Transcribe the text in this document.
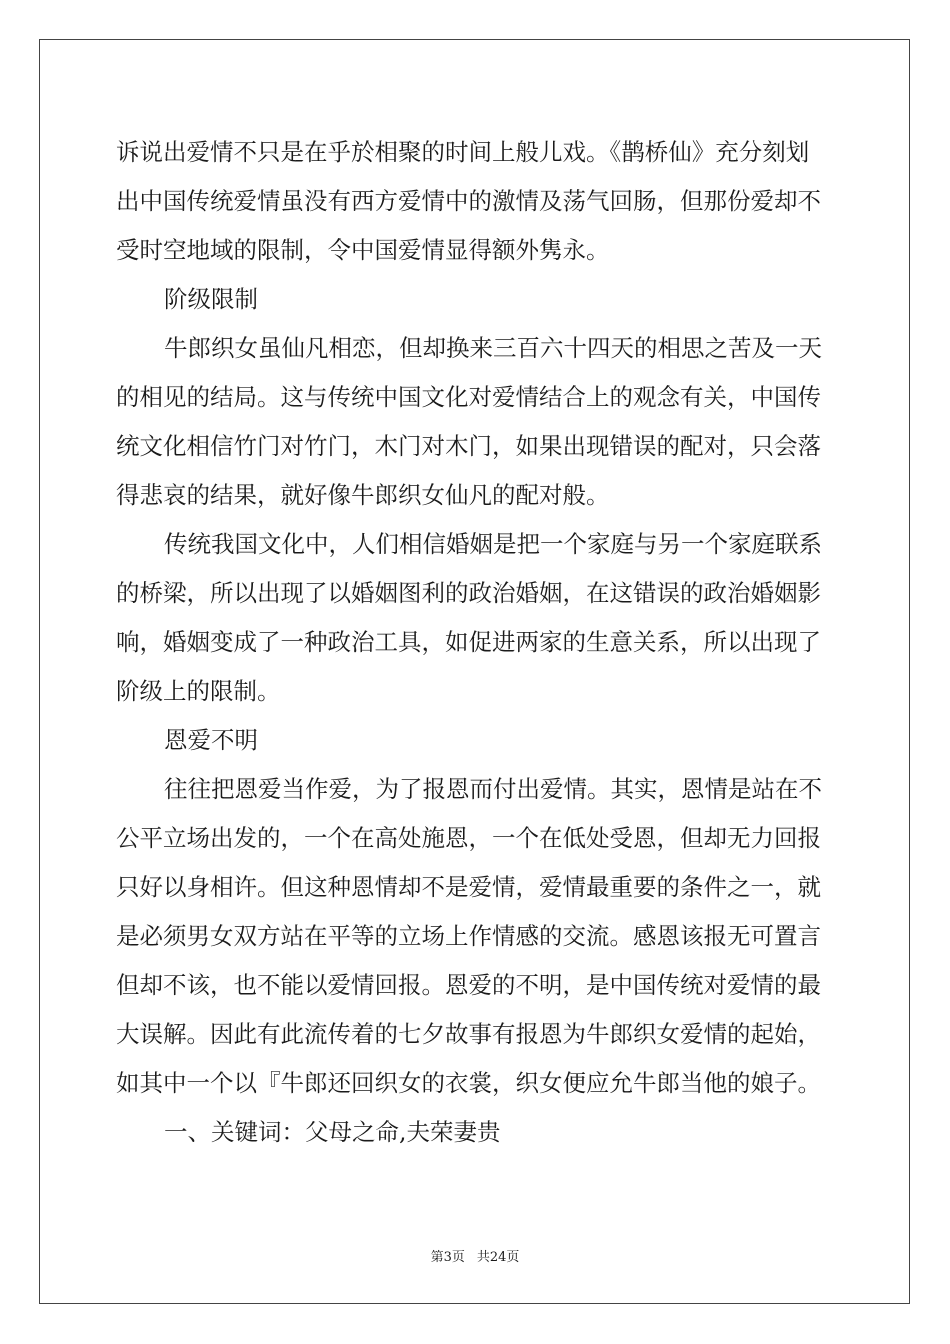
诉说出爱情不只是在乎於相聚的时间上般儿戏。《鹊桥仙》充分刻划
出中国传统爱情虽没有西方爱情中的激情及荡气回肠，但那份爱却不
受时空地域的限制，令中国爱情显得额外隽永。
阶级限制
牛郎织女虽仙凡相恋，但却换来三百六十四天的相思之苦及一天
的相见的结局。这与传统中国文化对爱情结合上的观念有关，中国传
统文化相信竹门对竹门，木门对木门，如果出现错误的配对，只会落
得悲哀的结果，就好像牛郎织女仙凡的配对般。
传统我国文化中，人们相信婚姻是把一个家庭与另一个家庭联系
的桥梁，所以出现了以婚姻图利的政治婚姻，在这错误的政治婚姻影
响，婚姻变成了一种政治工具，如促进两家的生意关系，所以出现了
阶级上的限制。
恩爱不明
往往把恩爱当作爱，为了报恩而付出爱情。其实，恩情是站在不
公平立场出发的，一个在高处施恩，一个在低处受恩，但却无力回报
只好以身相许。但这种恩情却不是爱情，爱情最重要的条件之一，就
是必须男女双方站在平等的立场上作情感的交流。感恩该报无可置言
但却不该，也不能以爱情回报。恩爱的不明，是中国传统对爱情的最
大误解。因此有此流传着的七夕故事有报恩为牛郎织女爱情的起始，
如其中一个以『牛郎还回织女的衣裳，织女便应允牛郎当他的娘子。
一、关键词：父母之命,夫荣妻贵
第3页 共24页
